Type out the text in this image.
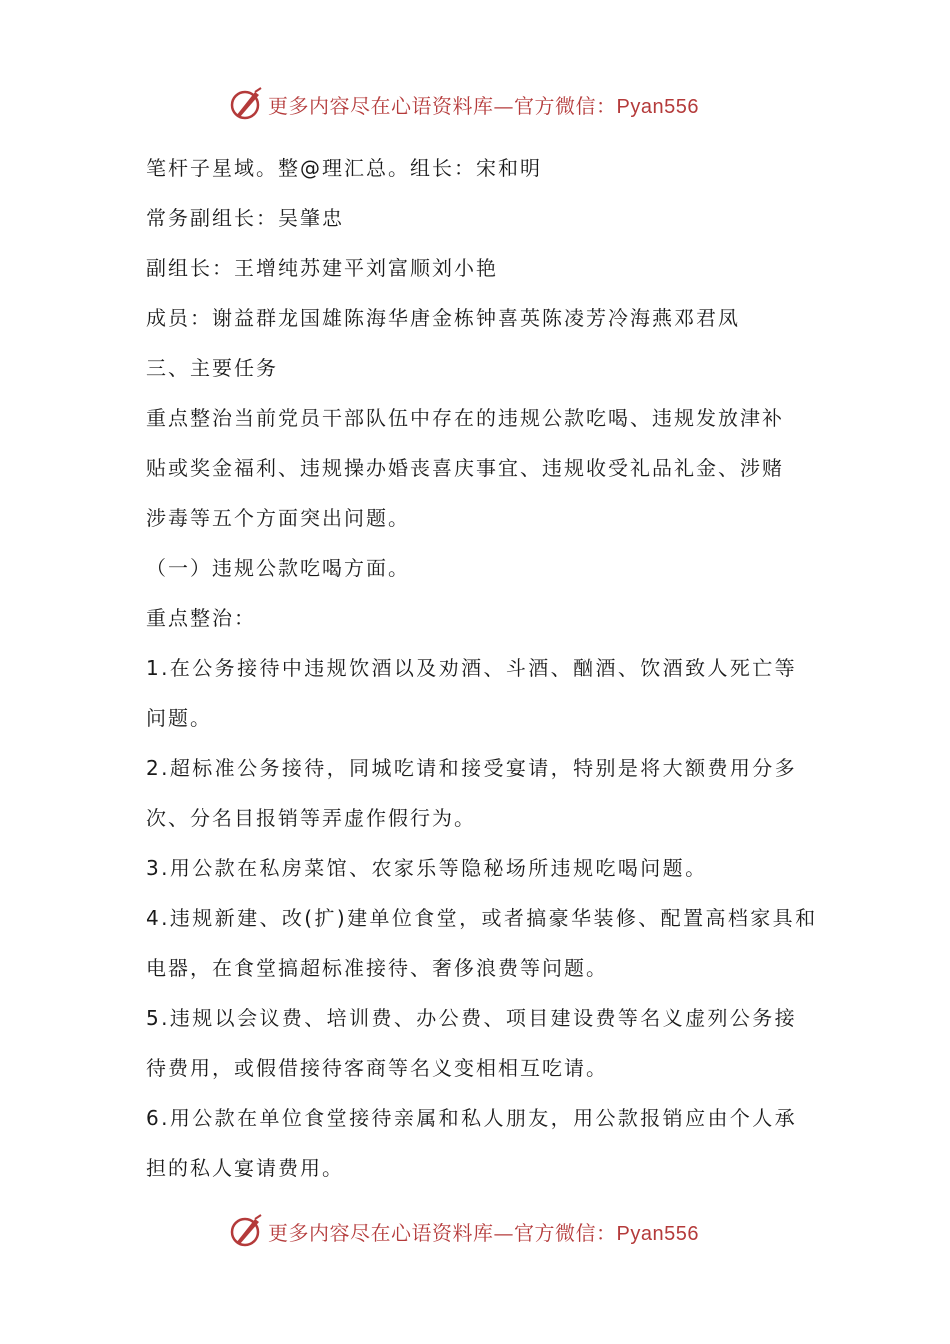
更多内容尽在心语资料库—官方微信：Pyan556
笔杆子星域。整@理汇总。组长：宋和明
常务副组长：吴肇忠
副组长：王增纯苏建平刘富顺刘小艳
成员：谢益群龙国雄陈海华唐金栋钟喜英陈凌芳冷海燕邓君凤
三、主要任务
重点整治当前党员干部队伍中存在的违规公款吃喝、违规发放津补
贴或奖金福利、违规操办婚丧喜庆事宜、违规收受礼品礼金、涉赌
涉毒等五个方面突出问题。
（一）违规公款吃喝方面。
重点整治：
1.在公务接待中违规饮酒以及劝酒、斗酒、酗酒、饮酒致人死亡等
问题。
2.超标准公务接待，同城吃请和接受宴请，特别是将大额费用分多
次、分名目报销等弄虚作假行为。
3.用公款在私房菜馆、农家乐等隐秘场所违规吃喝问题。
4.违规新建、改(扩)建单位食堂，或者搞豪华装修、配置高档家具和
电器，在食堂搞超标准接待、奢侈浪费等问题。
5.违规以会议费、培训费、办公费、项目建设费等名义虚列公务接
待费用，或假借接待客商等名义变相相互吃请。
6.用公款在单位食堂接待亲属和私人朋友，用公款报销应由个人承
担的私人宴请费用。
更多内容尽在心语资料库—官方微信：Pyan556
